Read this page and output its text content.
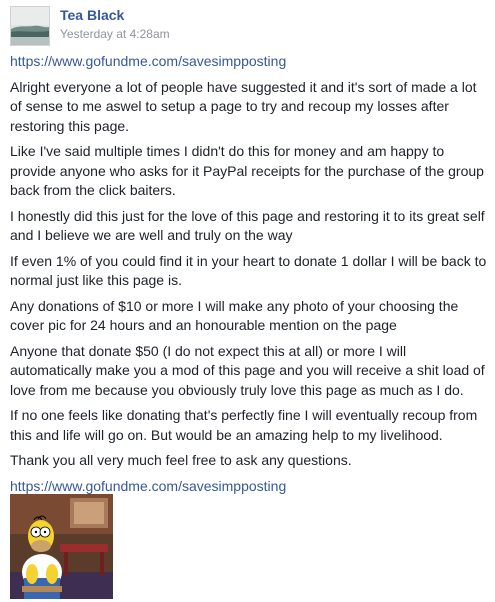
Tea Black
Yesterday at 4:28am

https://www.gofundme.com/savesimpposting

Alright everyone a lot of people have suggested it and it's sort of made a lot of sense to me aswel to setup a page to try and recoup my losses after restoring this page.

Like I've said multiple times I didn't do this for money and am happy to provide anyone who asks for it PayPal receipts for the purchase of the group back from the click baiters.

I honestly did this just for the love of this page and restoring it to its great self and I believe we are well and truly on the way

If even 1% of you could find it in your heart to donate 1 dollar I will be back to normal just like this page is.

Any donations of $10 or more I will make any photo of your choosing the cover pic for 24 hours and an honourable mention on the page

Anyone that donate $50 (I do not expect this at all) or more I will automatically make you a mod of this page and you will receive a shit load of love from me because you obviously truly love this page as much as I do.

If no one feels like donating that's perfectly fine I will eventually recoup from this and life will go on. But would be an amazing help to my livelihood.

Thank you all very much feel free to ask any questions.

https://www.gofundme.com/savesimpposting
